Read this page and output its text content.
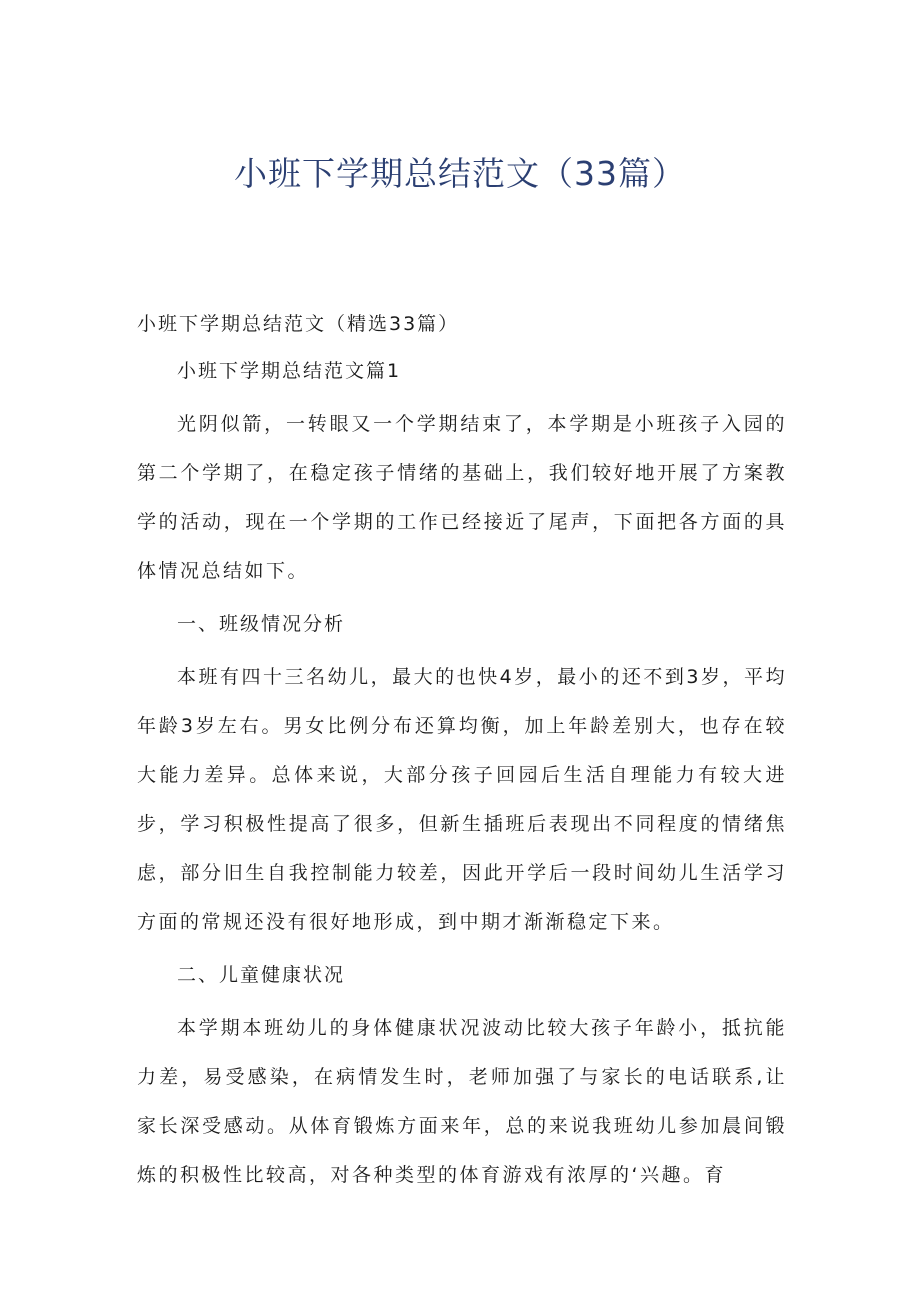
小班下学期总结范文（33篇）

小班下学期总结范文（精选33篇）

小班下学期总结范文篇1

光阴似箭，一转眼又一个学期结束了，本学期是小班孩子入园的第二个学期了，在稳定孩子情绪的基础上，我们较好地开展了方案教学的活动，现在一个学期的工作已经接近了尾声，下面把各方面的具体情况总结如下。

一、班级情况分析

本班有四十三名幼儿，最大的也快4岁，最小的还不到3岁，平均年龄3岁左右。男女比例分布还算均衡，加上年龄差别大，也存在较大能力差异。总体来说，大部分孩子回园后生活自理能力有较大进步，学习积极性提高了很多，但新生插班后表现出不同程度的情绪焦虑，部分旧生自我控制能力较差，因此开学后一段时间幼儿生活学习方面的常规还没有很好地形成，到中期才渐渐稳定下来。

二、儿童健康状况

本学期本班幼儿的身体健康状况波动比较大孩子年龄小，抵抗能力差，易受感染，在病情发生时，老师加强了与家长的电话联系,让家长深受感动。从体育锻炼方面来年，总的来说我班幼儿参加晨间锻炼的积极性比较高，对各种类型的体育游戏有浓厚的‘兴趣。育
